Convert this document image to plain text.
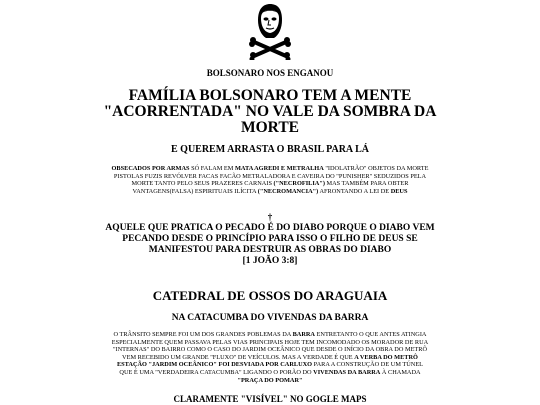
BOLSONARO NOS ENGANOU
FAMÍLIA BOLSONARO TEM A MENTE "ACORRENTADA" NO VALE DA SOMBRA DA MORTE
E QUEREM ARRASTA O BRASIL PARA LÁ
OBSECADOS POR ARMAS SÓ FALAM EM MATA AGREDI E METRALHA "IDOLATRÃO" OBJETOS DA MORTE PISTOLAS FUZIS REVÓLVER FACAS FACÃO METRALADORA E CAVEIRA DO "PUNISHER" SEDUZIDOS PELA MORTE TANTO PELO SEUS PRAZERES CARNAIS ("NECROFILIA") MAS TAMBÉM PARA OBTER VANTAGENS(FALSA) ESPIRITUAIS ILÍCITA ("NECROMANCIA") AFRONTANDO A LEI DE DEUS
†
AQUELE QUE PRATICA O PECADO É DO DIABO PORQUE O DIABO VEM PECANDO DESDE O PRINCÍPIO PARA ISSO O FILHO DE DEUS SE MANIFESTOU PARA DESTRUIR AS OBRAS DO DIABO
[1 JOÃO 3:8]
CATEDRAL DE OSSOS DO ARAGUAIA
NA CATACUMBA DO VIVENDAS DA BARRA
O TRÂNSITO SEMPRE FOI UM DOS GRANDES POBLEMAS DA BARRA ENTRETANTO O QUE ANTES ATINGIA ESPECIALMENTE QUEM PASSAVA PELAS VIAS PRINCIPAIS HOJE TEM INCOMODADO OS MORADOR DE RUA "INTERNAS" DO BAIRRO COMO O CASO DO JARDIM OCEÂNICO QUE DESDE O INÍCIO DA OBRA DO METRÔ VEM RECEBIDO UM GRANDE "FLUXO" DE VEÍCULOS. MAS A VERDADE É QUE A VERBA DO METRÔ ESTAÇÃO "JARDIM OCEÂNICO" FOI DESVIADA POR CARLUXO PARA A CONSTRUÇÃO DE UM TÚNEL QUE É UMA "VERDADEIRA CATACUMBA" LIGANDO O PORÃO DO VIVENDAS DA BARRA À CHAMADA "PRAÇA DO POMAR"
CLARAMENTE "VISÍVEL" NO GOGLE MAPS
